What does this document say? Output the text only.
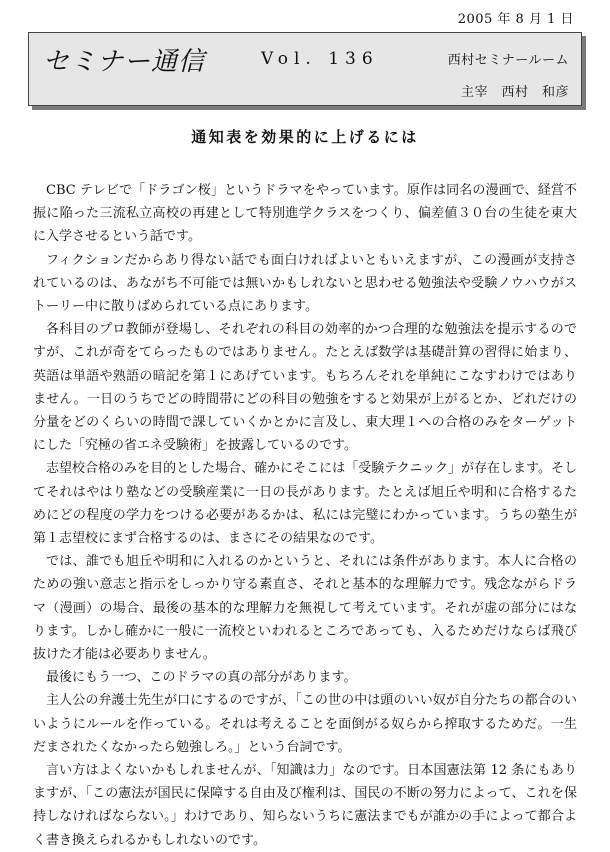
2005 年 8 月 1 日
セミナー通信	Vol. 136	西村セミナールーム
主宰　西村　和彦
通知表を効果的に上げるには

CBC テレビで「ドラゴン桜」というドラマをやっています。原作は同名の漫画で、経営不振に陥った三流私立高校の再建として特別進学クラスをつくり、偏差値３０台の生徒を東大に入学させるという話です。

フィクションだからあり得ない話でも面白ければよいともいえますが、この漫画が支持されているのは、あながち不可能では無いかもしれないと思わせる勉強法や受験ノウハウがストーリー中に散りばめられている点にあります。

各科目のプロ教師が登場し、それぞれの科目の効率的かつ合理的な勉強法を提示するのですが、これが奇をてらったものではありません。たとえば数学は基礎計算の習得に始まり、英語は単語や熟語の暗記を第１にあげています。もちろんそれを単純にこなすわけではありません。一日のうちでどの時間帯にどの科目の勉強をすると効果が上がるとか、どれだけの分量をどのくらいの時間で課していくかとかに言及し、東大理１への合格のみをターゲットにした「究極の省エネ受験術」を披露しているのです。

志望校合格のみを目的とした場合、確かにそこには「受験テクニック」が存在します。そしてそれはやはり塾などの受験産業に一日の長があります。たとえば旭丘や明和に合格するためにどの程度の学力をつける必要があるかは、私には完璧にわかっています。うちの塾生が第１志望校にまず合格するのは、まさにその結果なのです。

では、誰でも旭丘や明和に入れるのかというと、それには条件があります。本人に合格のための強い意志と指示をしっかり守る素直さ、それと基本的な理解力です。残念ながらドラマ（漫画）の場合、最後の基本的な理解力を無視して考えています。それが虚の部分にはなります。しかし確かに一般に一流校といわれるところであっても、入るためだけならば飛び抜けた才能は必要ありません。

最後にもう一つ、このドラマの真の部分があります。

主人公の弁護士先生が口にするのですが、「この世の中は頭のいい奴が自分たちの都合のいいようにルールを作っている。それは考えることを面倒がる奴らから搾取するためだ。一生だまされたくなかったら勉強しろ。」という台詞です。

言い方はよくないかもしれませんが、「知識は力」なのです。日本国憲法第 12 条にもありますが、「この憲法が国民に保障する自由及び権利は、国民の不断の努力によって、これを保持しなければならない。」わけであり、知らないうちに憲法までもが誰かの手によって都合よく書き換えられるかもしれないのです。
